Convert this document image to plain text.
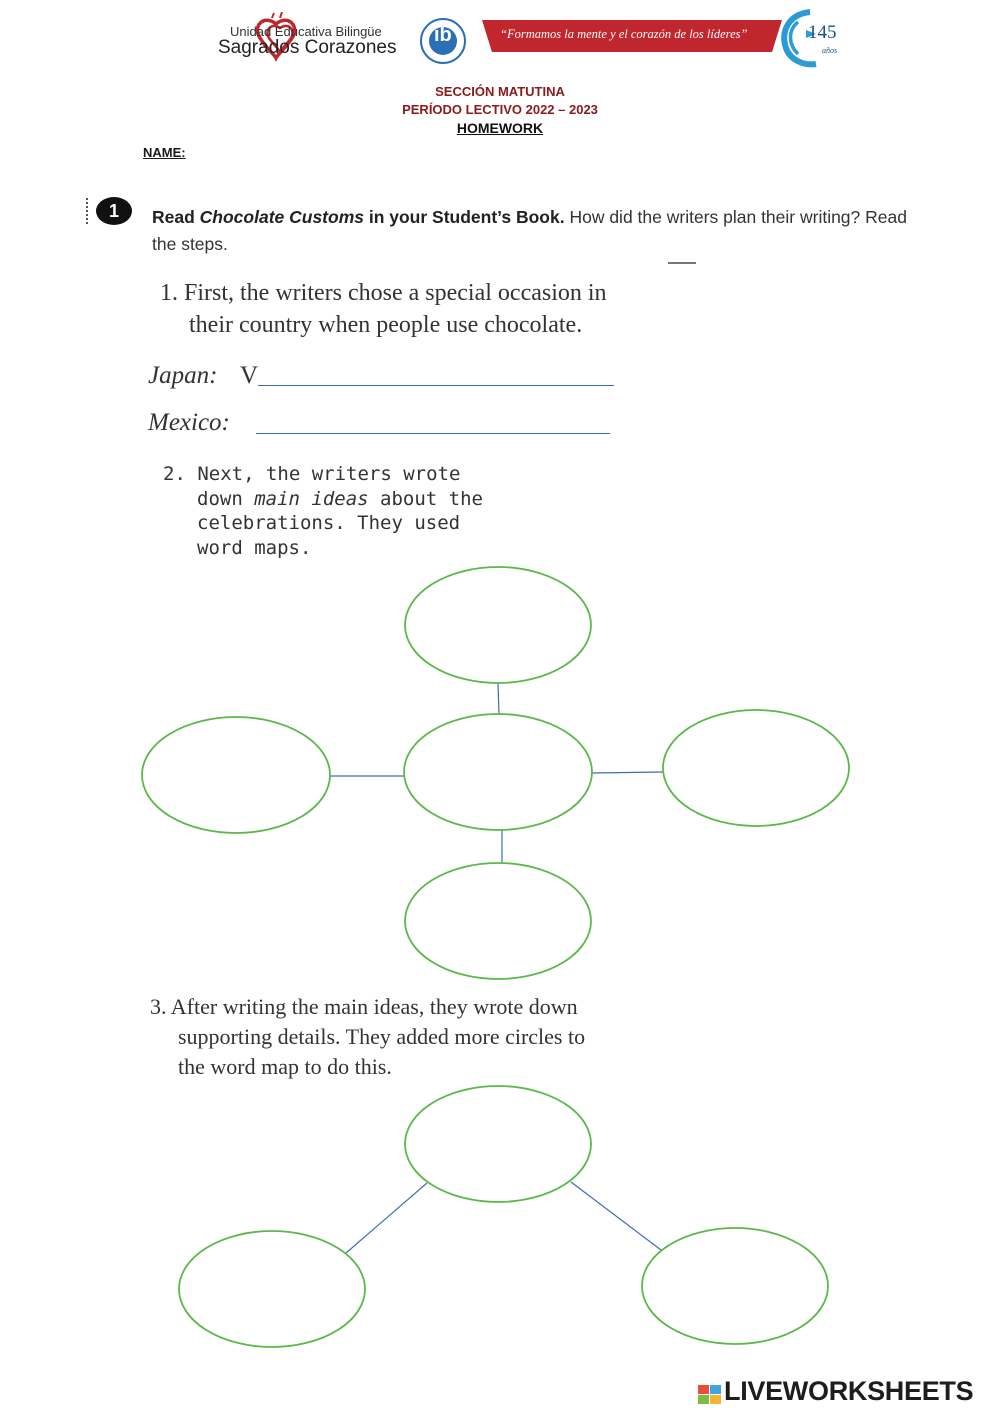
Unidad Educativa Bilingüe
Sagrados Corazones
ib	“Formamos la mente y el corazón de los líderes”	145
años
SECCIÓN MATUTINA
PERÍODO LECTIVO 2022 – 2023
HOMEWORK
NAME:
1	Read Chocolate Customs in your Student’s Book. How did the writers plan their writing? Read the steps.
1. First, the writers chose a special occasion in
their country when people use chocolate.
Japan: V
Mexico:
2. Next, the writers wrote
down main ideas about the
celebrations. They used
word maps.
3. After writing the main ideas, they wrote down
supporting details. They added more circles to
the word map to do this.
LIVEWORKSHEETS
